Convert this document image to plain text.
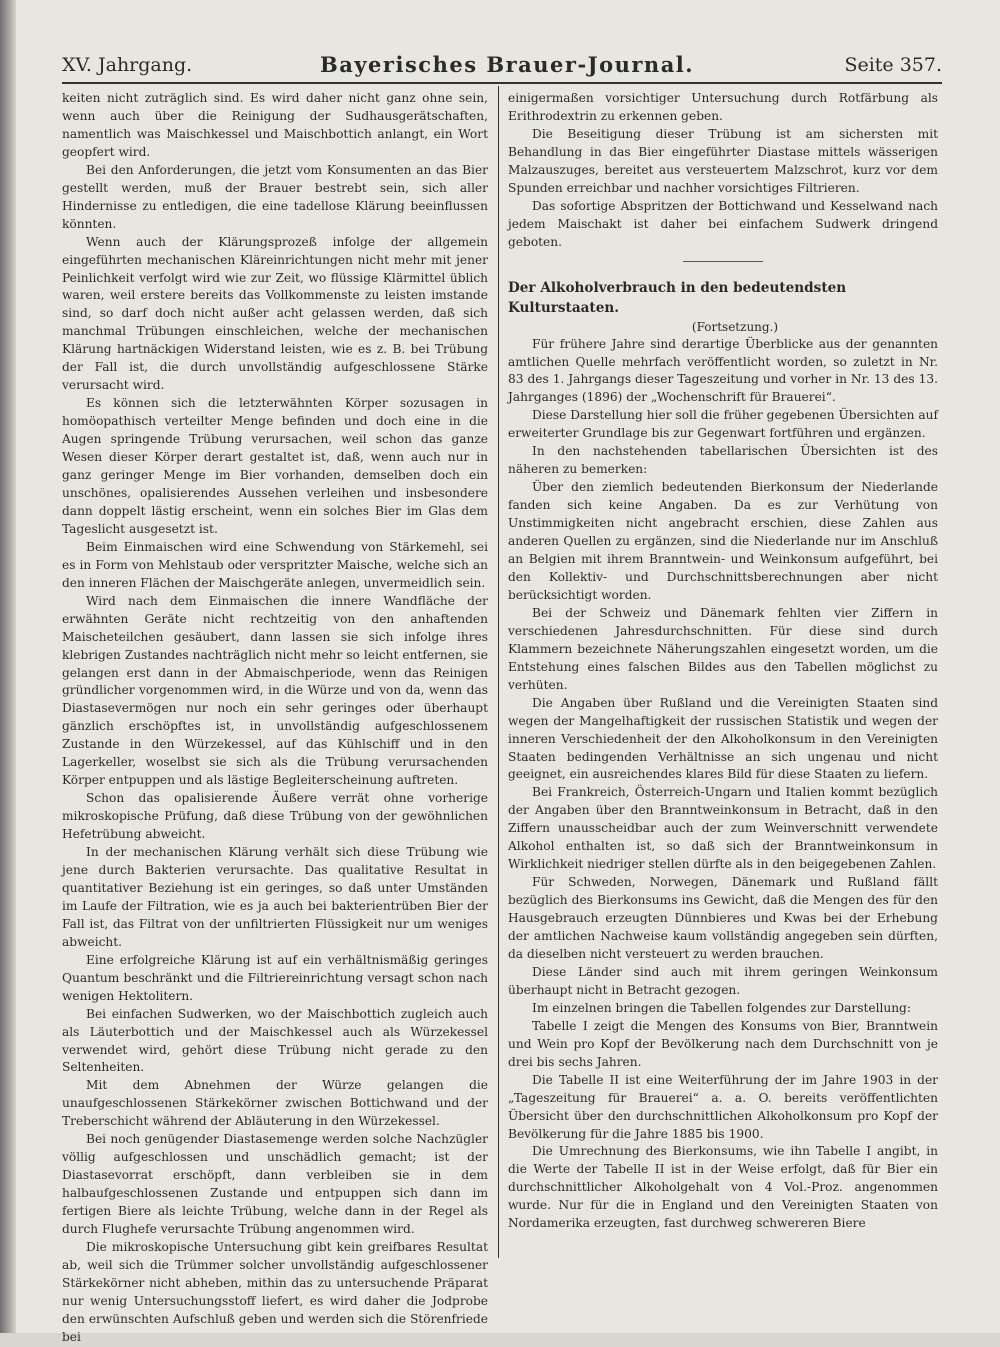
XV. Jahrgang.	Bayerisches Brauer-Journal.	Seite 357.

keiten nicht zuträglich sind. Es wird daher nicht ganz ohne sein, wenn auch über die Reinigung der Sudhausgerätschaften, namentlich was Maischkessel und Maischbottich anlangt, ein Wort geopfert wird.

Bei den Anforderungen, die jetzt vom Konsumenten an das Bier gestellt werden, muß der Brauer bestrebt sein, sich aller Hindernisse zu entledigen, die eine tadellose Klärung beeinflussen könnten.

Wenn auch der Klärungsprozeß infolge der allgemein eingeführten mechanischen Kläreinrichtungen nicht mehr mit jener Peinlichkeit verfolgt wird wie zur Zeit, wo flüssige Klärmittel üblich waren, weil erstere bereits das Vollkommenste zu leisten imstande sind, so darf doch nicht außer acht gelassen werden, daß sich manchmal Trübungen einschleichen, welche der mechanischen Klärung hartnäckigen Widerstand leisten, wie es z. B. bei Trübung der Fall ist, die durch unvollständig aufgeschlossene Stärke verursacht wird.

Es können sich die letzterwähnten Körper sozusagen in homöopathisch verteilter Menge befinden und doch eine in die Augen springende Trübung verursachen, weil schon das ganze Wesen dieser Körper derart gestaltet ist, daß, wenn auch nur in ganz geringer Menge im Bier vorhanden, demselben doch ein unschönes, opalisierendes Aussehen verleihen und insbesondere dann doppelt lästig erscheint, wenn ein solches Bier im Glas dem Tageslicht ausgesetzt ist.

Beim Einmaischen wird eine Schwendung von Stärkemehl, sei es in Form von Mehlstaub oder verspritzter Maische, welche sich an den inneren Flächen der Maischgeräte anlegen, unvermeidlich sein.

Wird nach dem Einmaischen die innere Wandfläche der erwähnten Geräte nicht rechtzeitig von den anhaftenden Maischeteilchen gesäubert, dann lassen sie sich infolge ihres klebrigen Zustandes nachträglich nicht mehr so leicht entfernen, sie gelangen erst dann in der Abmaischperiode, wenn das Reinigen gründlicher vorgenommen wird, in die Würze und von da, wenn das Diastasevermögen nur noch ein sehr geringes oder überhaupt gänzlich erschöpftes ist, in unvollständig aufgeschlossenem Zustande in den Würzekessel, auf das Kühlschiff und in den Lagerkeller, woselbst sie sich als die Trübung verursachenden Körper entpuppen und als lästige Begleiterscheinung auftreten.

Schon das opalisierende Äußere verrät ohne vorherige mikroskopische Prüfung, daß diese Trübung von der gewöhnlichen Hefetrübung abweicht.

In der mechanischen Klärung verhält sich diese Trübung wie jene durch Bakterien verursachte. Das qualitative Resultat in quantitativer Beziehung ist ein geringes, so daß unter Umständen im Laufe der Filtration, wie es ja auch bei bakterientrüben Bier der Fall ist, das Filtrat von der unfiltrierten Flüssigkeit nur um weniges abweicht.

Eine erfolgreiche Klärung ist auf ein verhältnismäßig geringes Quantum beschränkt und die Filtriereinrichtung versagt schon nach wenigen Hektolitern.

Bei einfachen Sudwerken, wo der Maischbottich zugleich auch als Läuterbottich und der Maischkessel auch als Würzekessel verwendet wird, gehört diese Trübung nicht gerade zu den Seltenheiten.

Mit dem Abnehmen der Würze gelangen die unaufgeschlossenen Stärkekörner zwischen Bottichwand und der Treberschicht während der Abläuterung in den Würzekessel.

Bei noch genügender Diastasemenge werden solche Nachzügler völlig aufgeschlossen und unschädlich gemacht; ist der Diastasevorrat erschöpft, dann verbleiben sie in dem halbaufgeschlossenen Zustande und entpuppen sich dann im fertigen Biere als leichte Trübung, welche dann in der Regel als durch Flughefe verursachte Trübung angenommen wird.

Die mikroskopische Untersuchung gibt kein greifbares Resultat ab, weil sich die Trümmer solcher unvollständig aufgeschlossener Stärkekörner nicht abheben, mithin das zu untersuchende Präparat nur wenig Untersuchungsstoff liefert, es wird daher die Jodprobe den erwünschten Aufschluß geben und werden sich die Störenfriede bei

einigermaßen vorsichtiger Untersuchung durch Rotfärbung als Erithrodextrin zu erkennen geben.

Die Beseitigung dieser Trübung ist am sichersten mit Behandlung in das Bier eingeführter Diastase mittels wässerigen Malzauszuges, bereitet aus versteuertem Malzschrot, kurz vor dem Spunden erreichbar und nachher vorsichtiges Filtrieren.

Das sofortige Abspritzen der Bottichwand und Kesselwand nach jedem Maischakt ist daher bei einfachem Sudwerk dringend geboten.

Der Alkoholverbrauch in den bedeutendsten Kulturstaaten.

(Fortsetzung.)

Für frühere Jahre sind derartige Überblicke aus der genannten amtlichen Quelle mehrfach veröffentlicht worden, so zuletzt in Nr. 83 des 1. Jahrgangs dieser Tageszeitung und vorher in Nr. 13 des 13. Jahrganges (1896) der „Wochenschrift für Brauerei“.

Diese Darstellung hier soll die früher gegebenen Übersichten auf erweiterter Grundlage bis zur Gegenwart fortführen und ergänzen.

In den nachstehenden tabellarischen Übersichten ist des näheren zu bemerken:

Über den ziemlich bedeutenden Bierkonsum der Niederlande fanden sich keine Angaben. Da es zur Verhütung von Unstimmigkeiten nicht angebracht erschien, diese Zahlen aus anderen Quellen zu ergänzen, sind die Niederlande nur im Anschluß an Belgien mit ihrem Branntwein- und Weinkonsum aufgeführt, bei den Kollektiv- und Durchschnittsberechnungen aber nicht berücksichtigt worden.

Bei der Schweiz und Dänemark fehlten vier Ziffern in verschiedenen Jahresdurchschnitten. Für diese sind durch Klammern bezeichnete Näherungszahlen eingesetzt worden, um die Entstehung eines falschen Bildes aus den Tabellen möglichst zu verhüten.

Die Angaben über Rußland und die Vereinigten Staaten sind wegen der Mangelhaftigkeit der russischen Statistik und wegen der inneren Verschiedenheit der den Alkoholkonsum in den Vereinigten Staaten bedingenden Verhältnisse an sich ungenau und nicht geeignet, ein ausreichendes klares Bild für diese Staaten zu liefern.

Bei Frankreich, Österreich-Ungarn und Italien kommt bezüglich der Angaben über den Branntweinkonsum in Betracht, daß in den Ziffern unausscheidbar auch der zum Weinverschnitt verwendete Alkohol enthalten ist, so daß sich der Branntweinkonsum in Wirklichkeit niedriger stellen dürfte als in den beigegebenen Zahlen.

Für Schweden, Norwegen, Dänemark und Rußland fällt bezüglich des Bierkonsums ins Gewicht, daß die Mengen des für den Hausgebrauch erzeugten Dünnbieres und Kwas bei der Erhebung der amtlichen Nachweise kaum vollständig angegeben sein dürften, da dieselben nicht versteuert zu werden brauchen.

Diese Länder sind auch mit ihrem geringen Weinkonsum überhaupt nicht in Betracht gezogen.

Im einzelnen bringen die Tabellen folgendes zur Darstellung:

Tabelle I zeigt die Mengen des Konsums von Bier, Branntwein und Wein pro Kopf der Bevölkerung nach dem Durchschnitt von je drei bis sechs Jahren.

Die Tabelle II ist eine Weiterführung der im Jahre 1903 in der „Tageszeitung für Brauerei“ a. a. O. bereits veröffentlichten Übersicht über den durchschnittlichen Alkoholkonsum pro Kopf der Bevölkerung für die Jahre 1885 bis 1900.

Die Umrechnung des Bierkonsums, wie ihn Tabelle I angibt, in die Werte der Tabelle II ist in der Weise erfolgt, daß für Bier ein durchschnittlicher Alkoholgehalt von 4 Vol.-Proz. angenommen wurde. Nur für die in England und den Vereinigten Staaten von Nordamerika erzeugten, fast durchweg schwereren Biere
